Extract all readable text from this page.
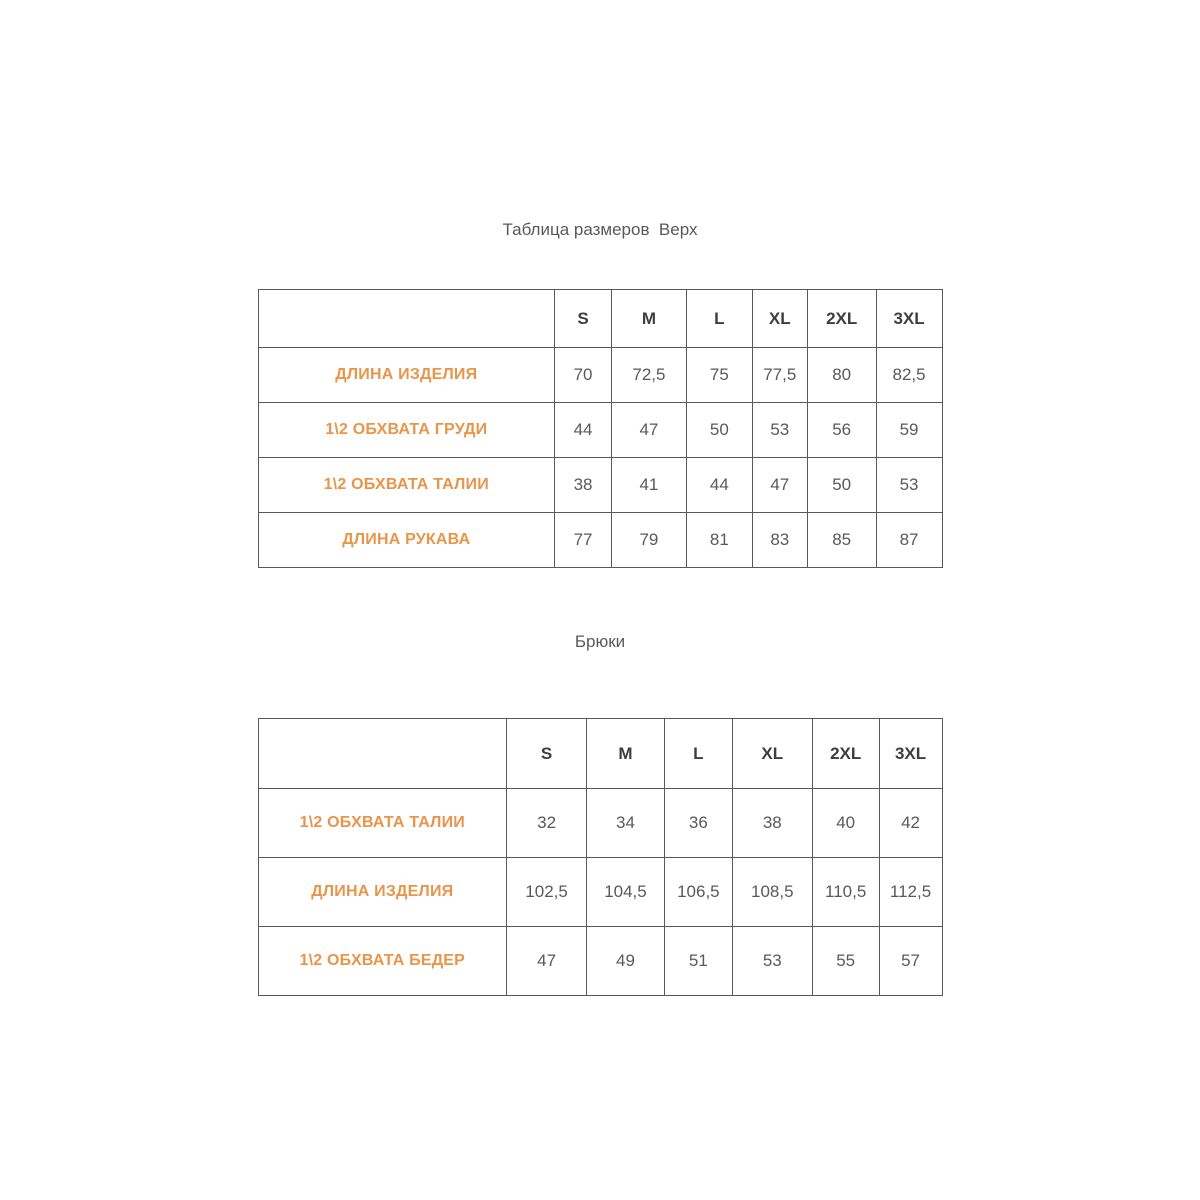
Таблица размеров  Верх
	S	M	L	XL	2XL	3XL
ДЛИНА ИЗДЕЛИЯ	70	72,5	75	77,5	80	82,5
1\2 ОБХВАТА ГРУДИ	44	47	50	53	56	59
1\2 ОБХВАТА ТАЛИИ	38	41	44	47	50	53
ДЛИНА РУКАВА	77	79	81	83	85	87
Брюки
	S	M	L	XL	2XL	3XL
1\2 ОБХВАТА ТАЛИИ	32	34	36	38	40	42
ДЛИНА ИЗДЕЛИЯ	102,5	104,5	106,5	108,5	110,5	112,5
1\2 ОБХВАТА БЕДЕР	47	49	51	53	55	57
